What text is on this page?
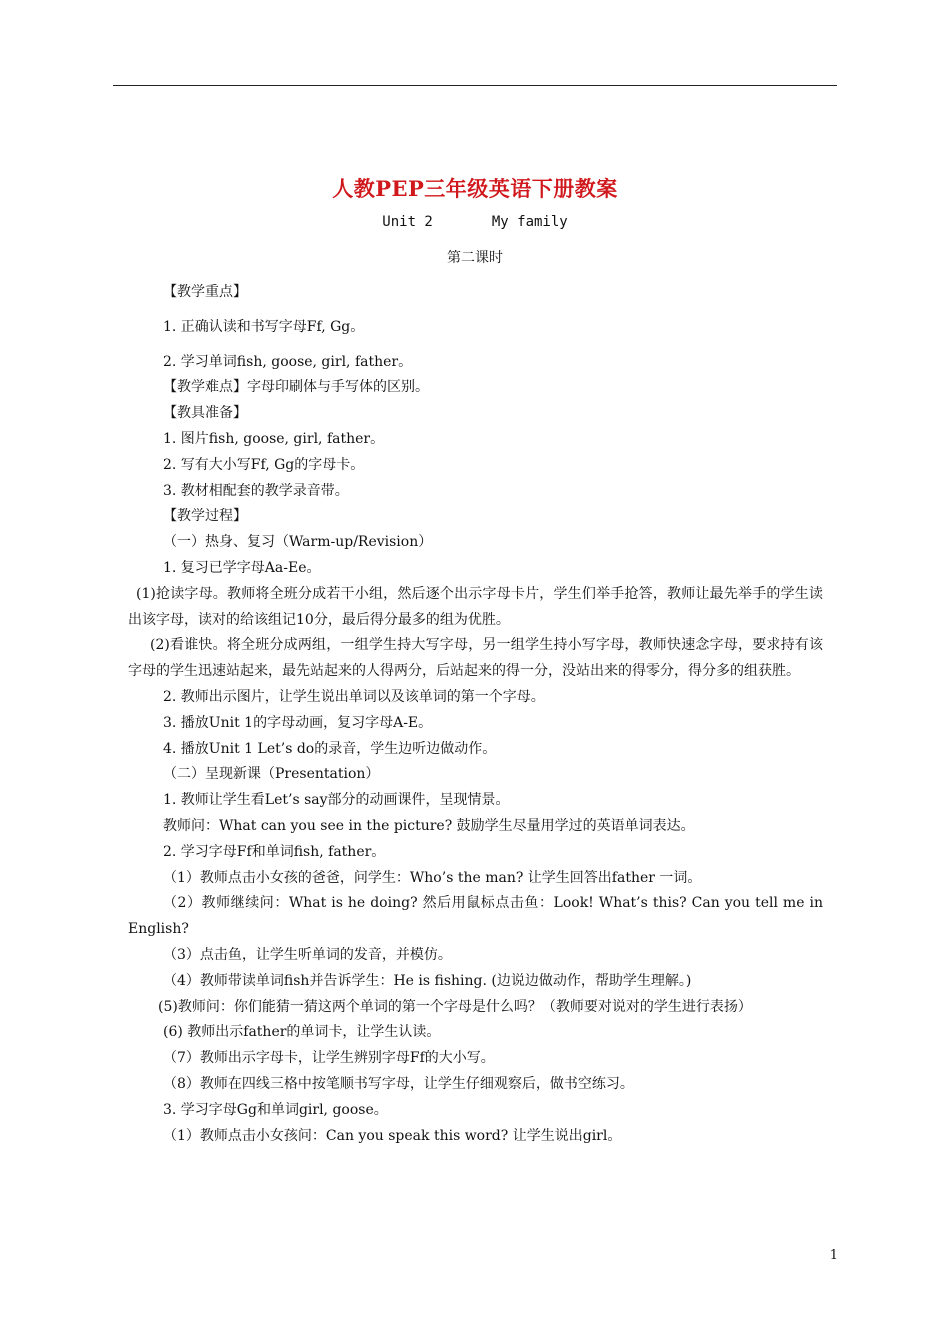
人教PEP三年级英语下册教案
Unit 2       My family
第二课时
【教学重点】
1. 正确认读和书写字母Ff, Gg。
2. 学习单词fish, goose, girl, father。
【教学难点】字母印刷体与手写体的区别。
【教具准备】
1. 图片fish, goose, girl, father。
2. 写有大小写Ff, Gg的字母卡。
3. 教材相配套的教学录音带。
【教学过程】
（一）热身、复习（Warm-up/Revision）
1. 复习已学字母Aa-Ee。
(1)抢读字母。教师将全班分成若干小组，然后逐个出示字母卡片，学生们举手抢答，教师让最先举手的学生读出该字母，读对的给该组记10分，最后得分最多的组为优胜。
(2)看谁快。将全班分成两组，一组学生持大写字母，另一组学生持小写字母，教师快速念字母，要求持有该字母的学生迅速站起来，最先站起来的人得两分，后站起来的得一分，没站出来的得零分，得分多的组获胜。
2. 教师出示图片，让学生说出单词以及该单词的第一个字母。
3. 播放Unit 1的字母动画，复习字母A-E。
4. 播放Unit 1 Let’s do的录音，学生边听边做动作。
（二）呈现新课（Presentation）
1. 教师让学生看Let’s say部分的动画课件，呈现情景。
教师问：What can you see in the picture? 鼓励学生尽量用学过的英语单词表达。
2. 学习字母Ff和单词fish, father。
（1）教师点击小女孩的爸爸，问学生：Who’s the man? 让学生回答出father 一词。
（2）教师继续问：What is he doing? 然后用鼠标点击鱼：Look! What’s this? Can you tell me in English?
（3）点击鱼，让学生听单词的发音，并模仿。
（4）教师带读单词fish并告诉学生：He is fishing. (边说边做动作，帮助学生理解。)
(5)教师问：你们能猜一猜这两个单词的第一个字母是什么吗？（教师要对说对的学生进行表扬）
(6) 教师出示father的单词卡，让学生认读。
（7）教师出示字母卡，让学生辨别字母Ff的大小写。
（8）教师在四线三格中按笔顺书写字母，让学生仔细观察后，做书空练习。
3. 学习字母Gg和单词girl, goose。
（1）教师点击小女孩问：Can you speak this word? 让学生说出girl。
1
